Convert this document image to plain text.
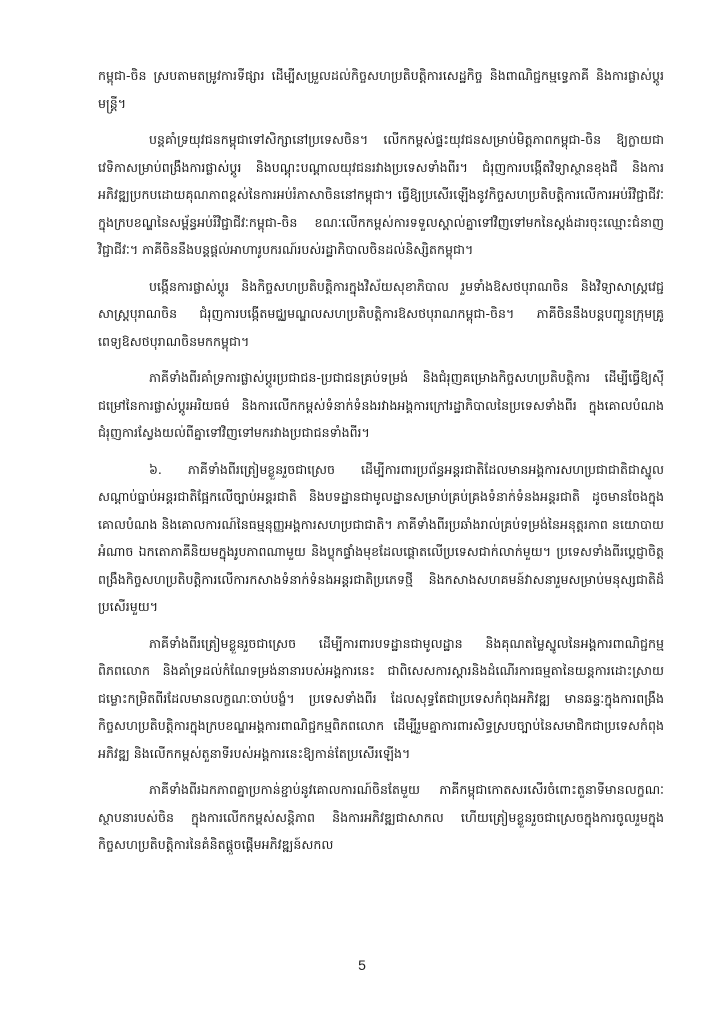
កម្ពុជា-ចិន ស្របតាមតម្រូវការទីផ្សារ ដើម្បីសម្រួលដល់កិច្ចសហប្រតិបត្តិការសេដ្ឋកិច្ច និងពាណិជ្ជកម្មទ្វេភាគី និងការផ្លាស់ប្តូរមន្ត្រី។

បន្តគាំទ្រយុវជនកម្ពុជាទៅសិក្សានៅប្រទេសចិន។ លើកកម្ពស់ផ្ទះយុវជនសម្រាប់មិត្តភាពកម្ពុជា-ចិន ឱ្យក្លាយជាវេទិកាសម្រាប់ពង្រឹងការផ្លាស់ប្តូរ និងបណ្តុះបណ្តាលយុវជនរវាងប្រទេសទាំងពីរ។ ជំរុញការបង្កើតវិទ្យាស្ថានខុងជឺ និងការអភិវឌ្ឍប្រកបដោយគុណភាពខ្ពស់នៃការអប់រំភាសាចិននៅកម្ពុជា។ ធ្វើឱ្យប្រសើរឡើងនូវកិច្ចសហប្រតិបត្តិការលើការអប់រំវិជ្ជាជីវៈ ក្នុងក្របខណ្ឌនៃសម្ព័ន្ធអប់រំវិជ្ជាជីវៈកម្ពុជា-ចិន ខណៈលើកកម្ពស់ការទទួលស្គាល់គ្នាទៅវិញទៅមកនៃស្តង់ដារចុះឈ្មោះជំនាញវិជ្ជាជីវៈ។ ភាគីចិននឹងបន្តផ្តល់អាហារូបករណ៍របស់រដ្ឋាភិបាលចិនដល់និស្សិតកម្ពុជា។

បង្កើនការផ្លាស់ប្តូរ និងកិច្ចសហប្រតិបត្តិការក្នុងវិស័យសុខាភិបាល រួមទាំងឱសថបុរាណចិន និងវិទ្យាសាស្ត្រវេជ្ជសាស្ត្របុរាណចិន ជំរុញការបង្កើតមជ្ឈមណ្ឌលសហប្រតិបត្តិការឱសថបុរាណកម្ពុជា-ចិន។ ភាគីចិននឹងបន្តបញ្ជូនក្រុមគ្រូពេទ្យឱសថបុរាណចិនមកកម្ពុជា។

ភាគីទាំងពីរគាំទ្រការផ្លាស់ប្តូរប្រជាជន-ប្រជាជនគ្រប់ទម្រង់ និងជំរុញគម្រោងកិច្ចសហប្រតិបត្តិការ ដើម្បីធ្វើឱ្យស៊ីជម្រៅនៃការផ្លាស់ប្តូរអរិយធម៌ និងការលើកកម្ពស់ទំនាក់ទំនងរវាងអង្គការក្រៅរដ្ឋាភិបាលនៃប្រទេសទាំងពីរ ក្នុងគោលបំណងជំរុញការស្វែងយល់ពីគ្នាទៅវិញទៅមករវាងប្រជាជនទាំងពីរ។

៦. ភាគីទាំងពីរត្រៀមខ្លួនរួចជាស្រេច ដើម្បីការពារប្រព័ន្ធអន្តរជាតិដែលមានអង្គការសហប្រជាជាតិជាស្នូល សណ្តាប់ធ្នាប់អន្តរជាតិផ្អែកលើច្បាប់អន្តរជាតិ និងបទដ្ឋានជាមូលដ្ឋានសម្រាប់គ្រប់គ្រងទំនាក់ទំនងអន្តរជាតិ ដូចមានចែងក្នុងគោលបំណង និងគោលការណ៍នៃធម្មនុញ្ញអង្គការសហប្រជាជាតិ។ ភាគីទាំងពីរប្រឆាំងរាល់គ្រប់ទម្រង់នៃអនុត្តរភាព នយោបាយអំណាច ឯកតោភាគីនិយមក្នុងរូបភាពណាមួយ និងប្លុកផ្ទាំងមុខដែលផ្តោតលើប្រទេសជាក់លាក់មួយ។ ប្រទេសទាំងពីរប្តេជ្ញាចិត្តពង្រឹងកិច្ចសហប្រតិបត្តិការលើការកសាងទំនាក់ទំនងអន្តរជាតិប្រភេទថ្មី និងកសាងសហគមន៍វាសនារួមសម្រាប់មនុស្សជាតិដ៏ប្រសើរមួយ។

ភាគីទាំងពីរត្រៀមខ្លួនរួចជាស្រេច ដើម្បីការពារបទដ្ឋានជាមូលដ្ឋាន និងគុណតម្លៃស្នូលនៃអង្គការពាណិជ្ជកម្មពិភពលោក និងគាំទ្រដល់កំណែទម្រង់នានារបស់អង្គការនេះ ជាពិសេសការស្តារនិងដំណើរការធម្មតានៃយន្តការដោះស្រាយជម្លោះកម្រិតពីរដែលមានលក្ខណៈចាប់បង្ខំ។ ប្រទេសទាំងពីរ ដែលសុទ្ធតែជាប្រទេសកំពុងអភិវឌ្ឍ មានឆន្ទៈក្នុងការពង្រឹងកិច្ចសហប្រតិបត្តិការក្នុងក្របខណ្ឌអង្គការពាណិជ្ជកម្មពិភពលោក ដើម្បីរួមគ្នាការពារសិទ្ធស្របច្បាប់នៃសមាជិកជាប្រទេសកំពុងអភិវឌ្ឍ និងលើកកម្ពស់តួនាទីរបស់អង្គការនេះឱ្យកាន់តែប្រសើរឡើង។

ភាគីទាំងពីរឯកភាពគ្នាប្រកាន់ខ្ជាប់នូវគោលការណ៍ចិនតែមួយ ភាគីកម្ពុជាកោតសរសើរចំពោះតួនាទីមានលក្ខណៈស្ថាបនារបស់ចិន ក្នុងការលើកកម្ពស់សន្តិភាព និងការអភិវឌ្ឍជាសាកល ហើយត្រៀមខ្លួនរួចជាស្រេចក្នុងការចូលរួមក្នុងកិច្ចសហប្រតិបត្តិការនៃគំនិតផ្តួចផ្តើមអភិវឌ្ឍន៍សកល

5
